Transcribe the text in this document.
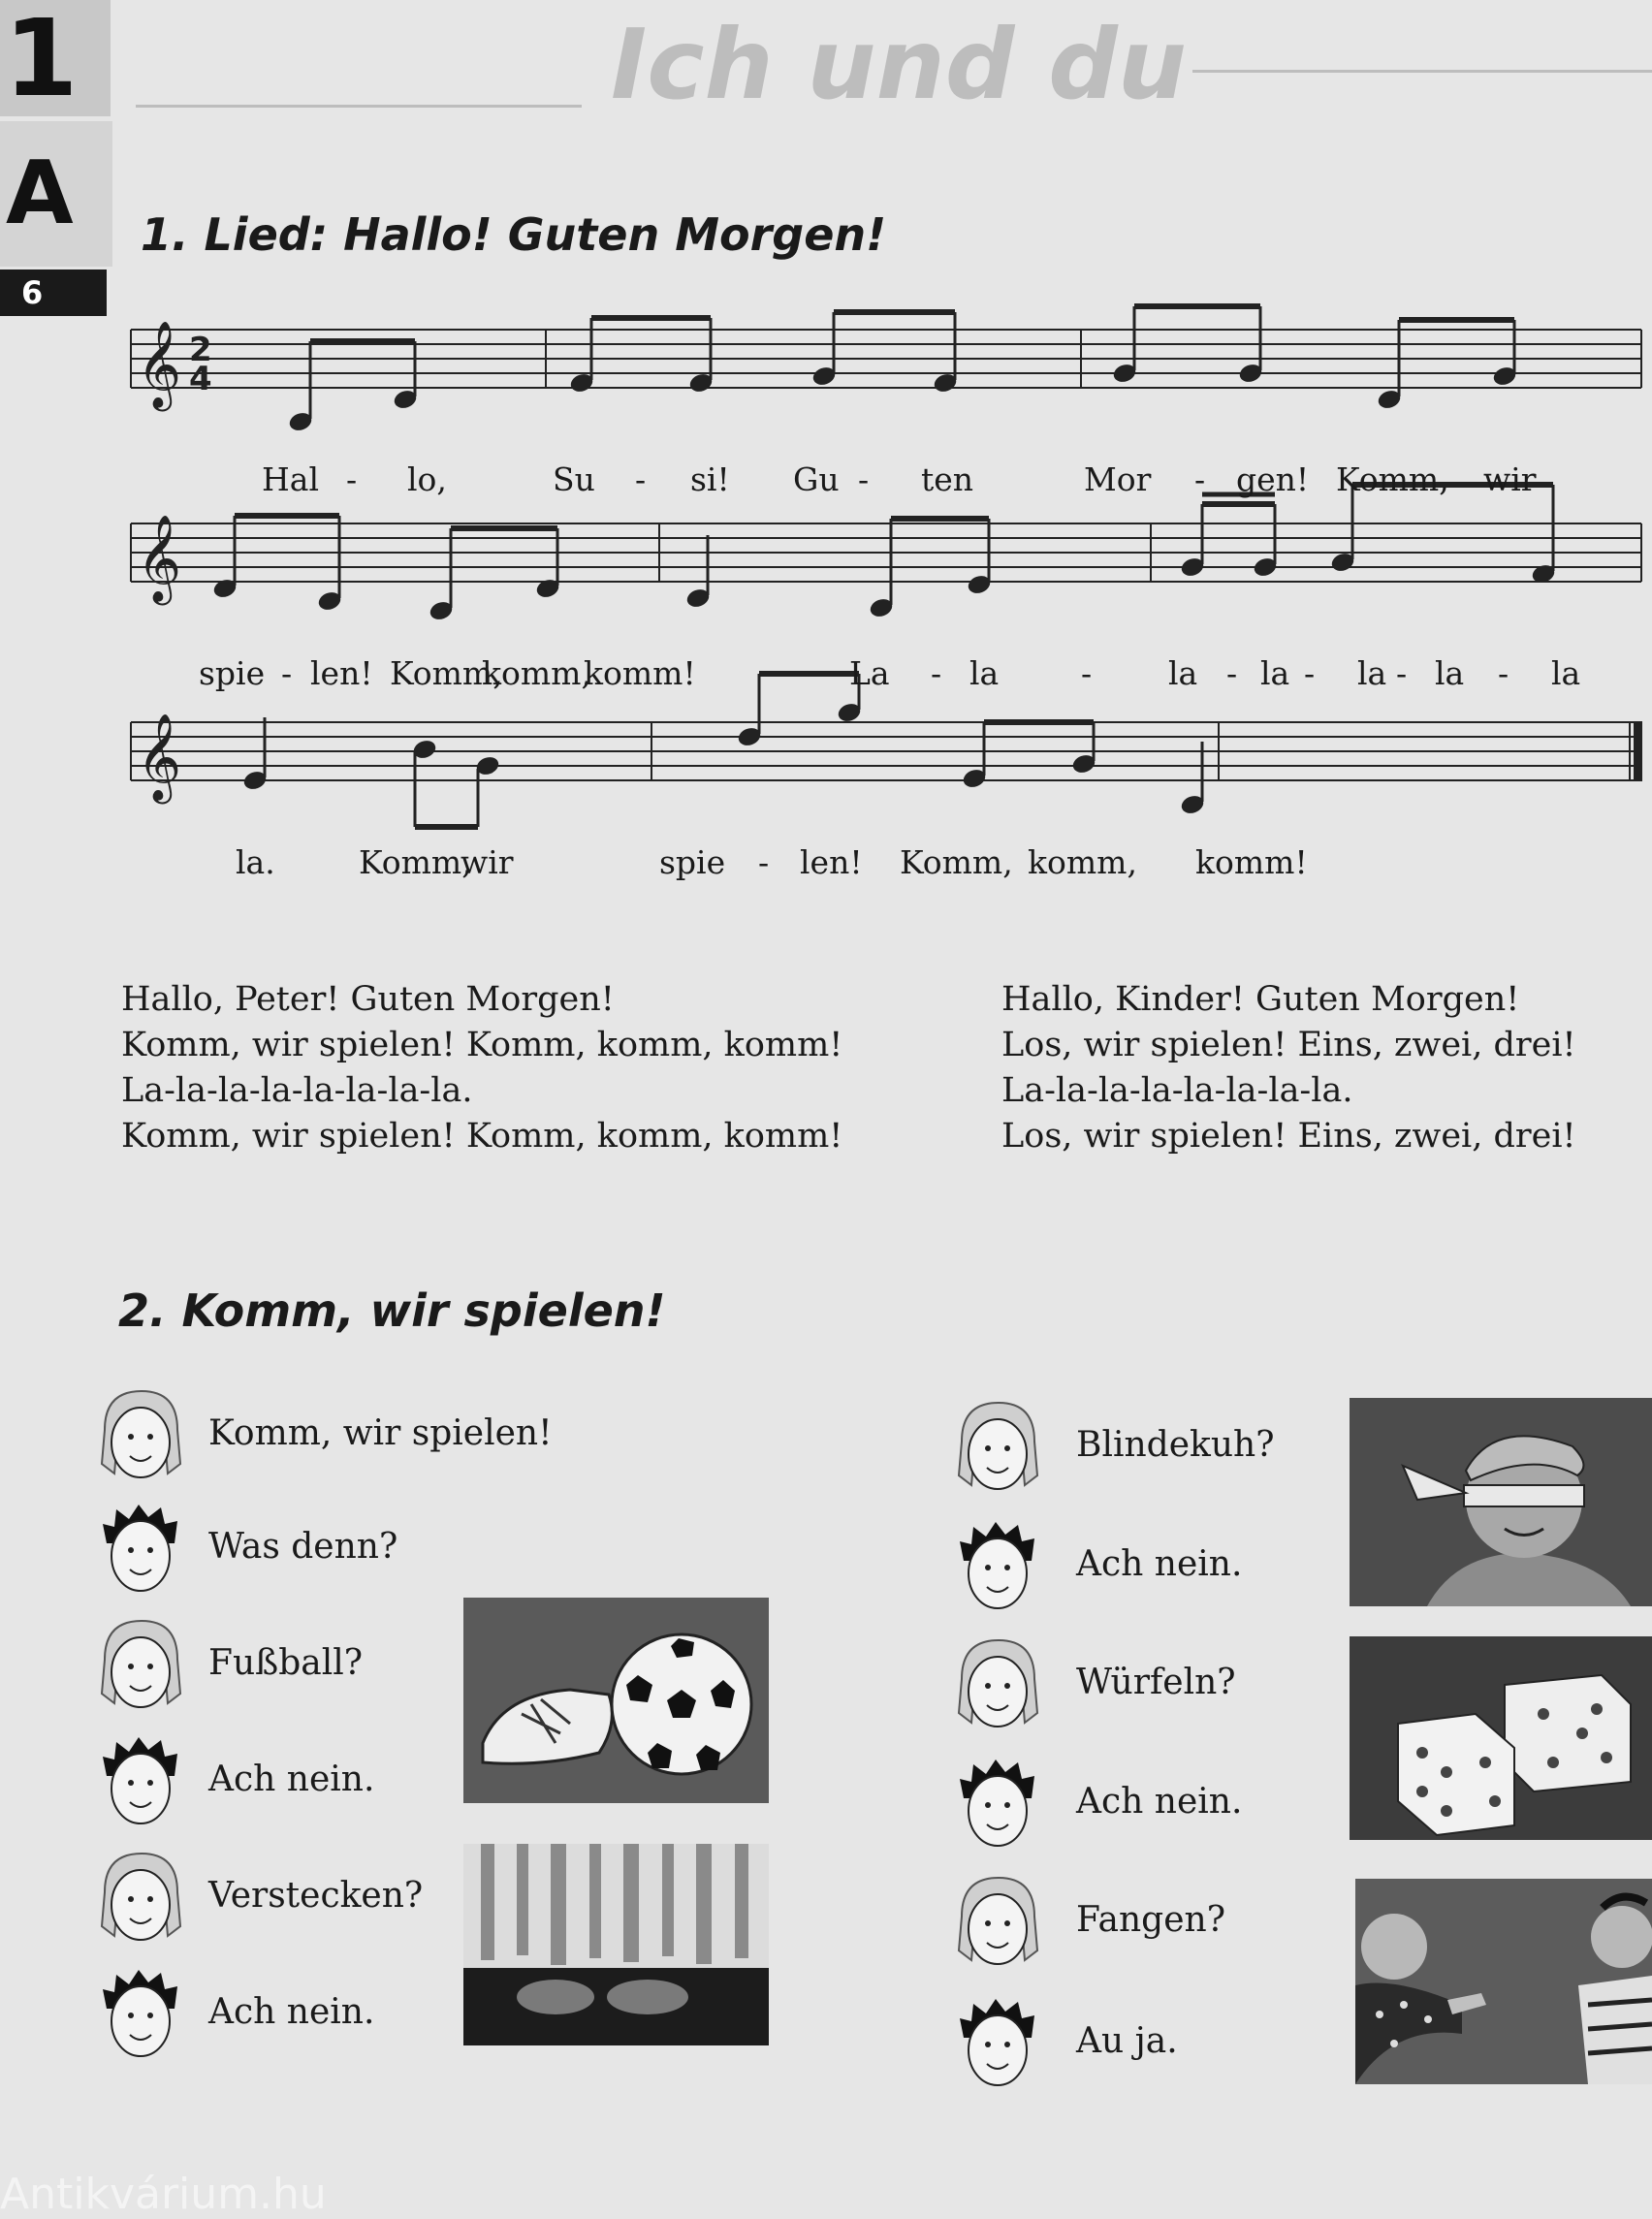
1
A
6
Ich und du
1. Lied: Hallo! Guten Morgen!
𝄞
𝄞
𝄞
2
4
Hal - lo,	Su - si! Gu - ten	Mor - gen! Komm, wir
spie - len! Komm,
komm,
komm!	La - la	- la - la - la - la - la
la.	Komm,
wir	spie - len! Komm, komm, komm!
Hallo, Peter! Guten Morgen!
Komm, wir spielen! Komm, komm, komm!
La-la-la-la-la-la-la-la.
Komm, wir spielen! Komm, komm, komm!
Hallo, Kinder! Guten Morgen!
Los, wir spielen! Eins, zwei, drei!
La-la-la-la-la-la-la-la.
Los, wir spielen! Eins, zwei, drei!
2. Komm, wir spielen!
Antikvárium.hu
Komm, wir spielen!
Was denn?
Fußball?
Ach nein.
Verstecken?
Ach nein.
Blindekuh?
Ach nein.
Würfeln?
Ach nein.
Fangen?
Au ja.
